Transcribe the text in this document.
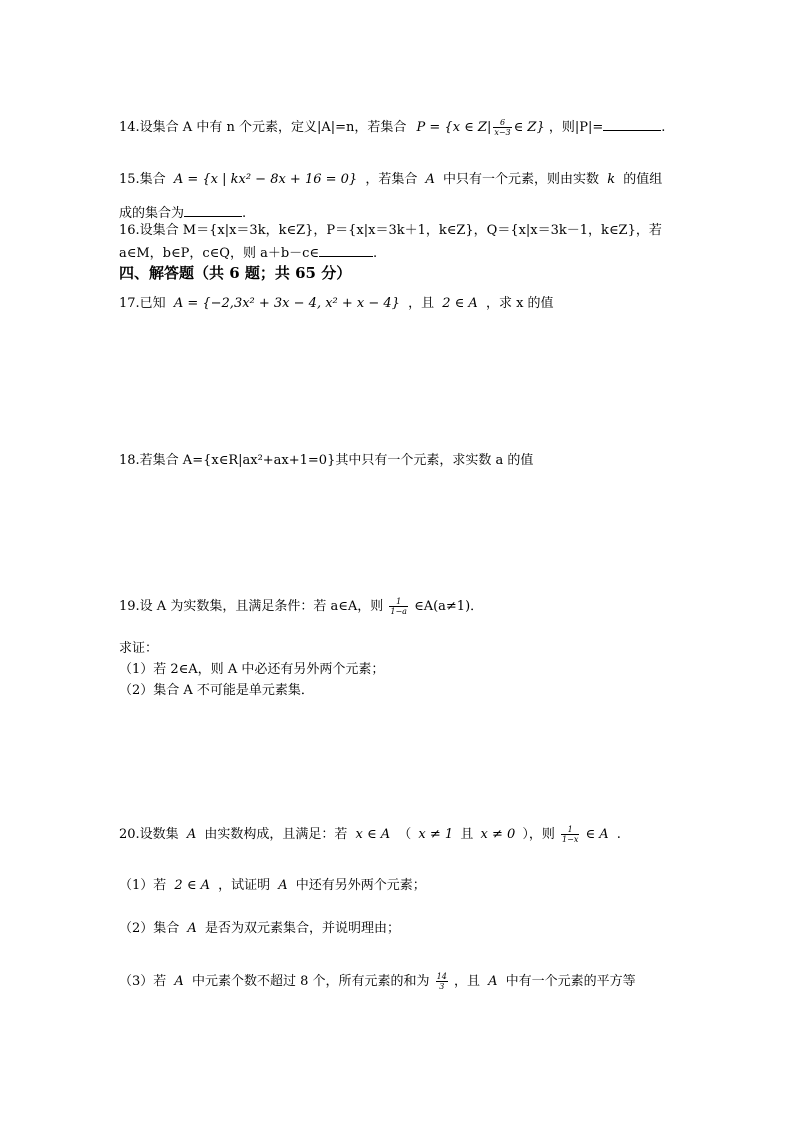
14.设集合 A 中有 n 个元素，定义|A|=n，若集合 P = {x ∈ $Z| \frac{6}{x-3}$ ∈ Z} ，则|P|=	.
15.集合 A = {x | kx² − 8x + 16 = 0} ，若集合 A 中只有一个元素，则由实数 k 的值组
成的集合为	.
16.设集合 M＝{x|x＝3k，k∈Z}，P＝{x|x＝3k＋1，k∈Z}，Q＝{x|x＝3k－1，k∈Z}，若
a∈M，b∈P，c∈Q，则 a＋b－c∈	.
四、解答题（共 6 题；共 65 分）
17.已知 A = {−2,3x² + 3x − 4, x² + x − 4} ，且 2 ∈ A ，求 x 的值
18.若集合 A={x∈R|ax²+ax+1=0}其中只有一个元素，求实数 a 的值
19.设 A 为实数集，且满足条件：若 a∈A，则 $\frac{1}{1-a}$ ∈A(a≠1)．
求证：
（1）若 2∈A，则 A 中必还有另外两个元素；
（2）集合 A 不可能是单元素集．
20.设数集 A 由实数构成，且满足：若 x ∈ A （ x ≠ 1 且 x ≠ 0 ），则 $\frac{1}{1-x}$ ∈ A .
（1）若 2 ∈ A ，试证明 A 中还有另外两个元素；
（2）集合 A 是否为双元素集合，并说明理由；
（3）若 A 中元素个数不超过 8 个，所有元素的和为 $\frac{14}{3}$ ，且 A 中有一个元素的平方等
